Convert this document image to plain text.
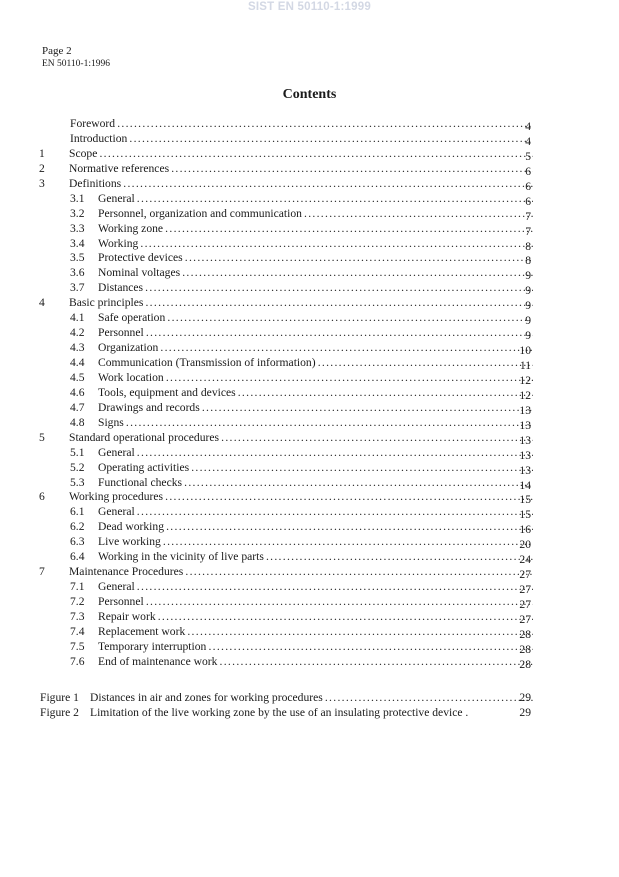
SIST EN 50110-1:1999
Page 2
EN 50110-1:1996
Contents
Foreword . . .	4
Introduction . . .	4
1 Scope . . .	5
2 Normative references . . .	6
3 Definitions . . .	6
3.1 General . . .	6
3.2 Personnel, organization and communication . . .	7
3.3 Working zone . . .	7
3.4 Working . . .	8
3.5 Protective devices . . .	8
3.6 Nominal voltages . . .	9
3.7 Distances . . .	9
4 Basic principles . . .	9
4.1 Safe operation . . .	9
4.2 Personnel . . .	9
4.3 Organization . . .	10
4.4 Communication (Transmission of information) . . .	11
4.5 Work location . . .	12
4.6 Tools, equipment and devices . . .	12
4.7 Drawings and records . . .	13
4.8 Signs . . .	13
5 Standard operational procedures . . .	13
5.1 General . . .	13
5.2 Operating activities . . .	13
5.3 Functional checks . . .	14
6 Working procedures . . .	15
6.1 General . . .	15
6.2 Dead working . . .	16
6.3 Live working . . .	20
6.4 Working in the vicinity of live parts . . .	24
7 Maintenance Procedures . . .	27
7.1 General . . .	27
7.2 Personnel . . .	27
7.3 Repair work . . .	27
7.4 Replacement work . . .	28
7.5 Temporary interruption . . .	28
7.6 End of maintenance work . . .	28
Figure 1 Distances in air and zones for working procedures . . .	29
Figure 2 Limitation of the live working zone by the use of an insulating protective device .	29
